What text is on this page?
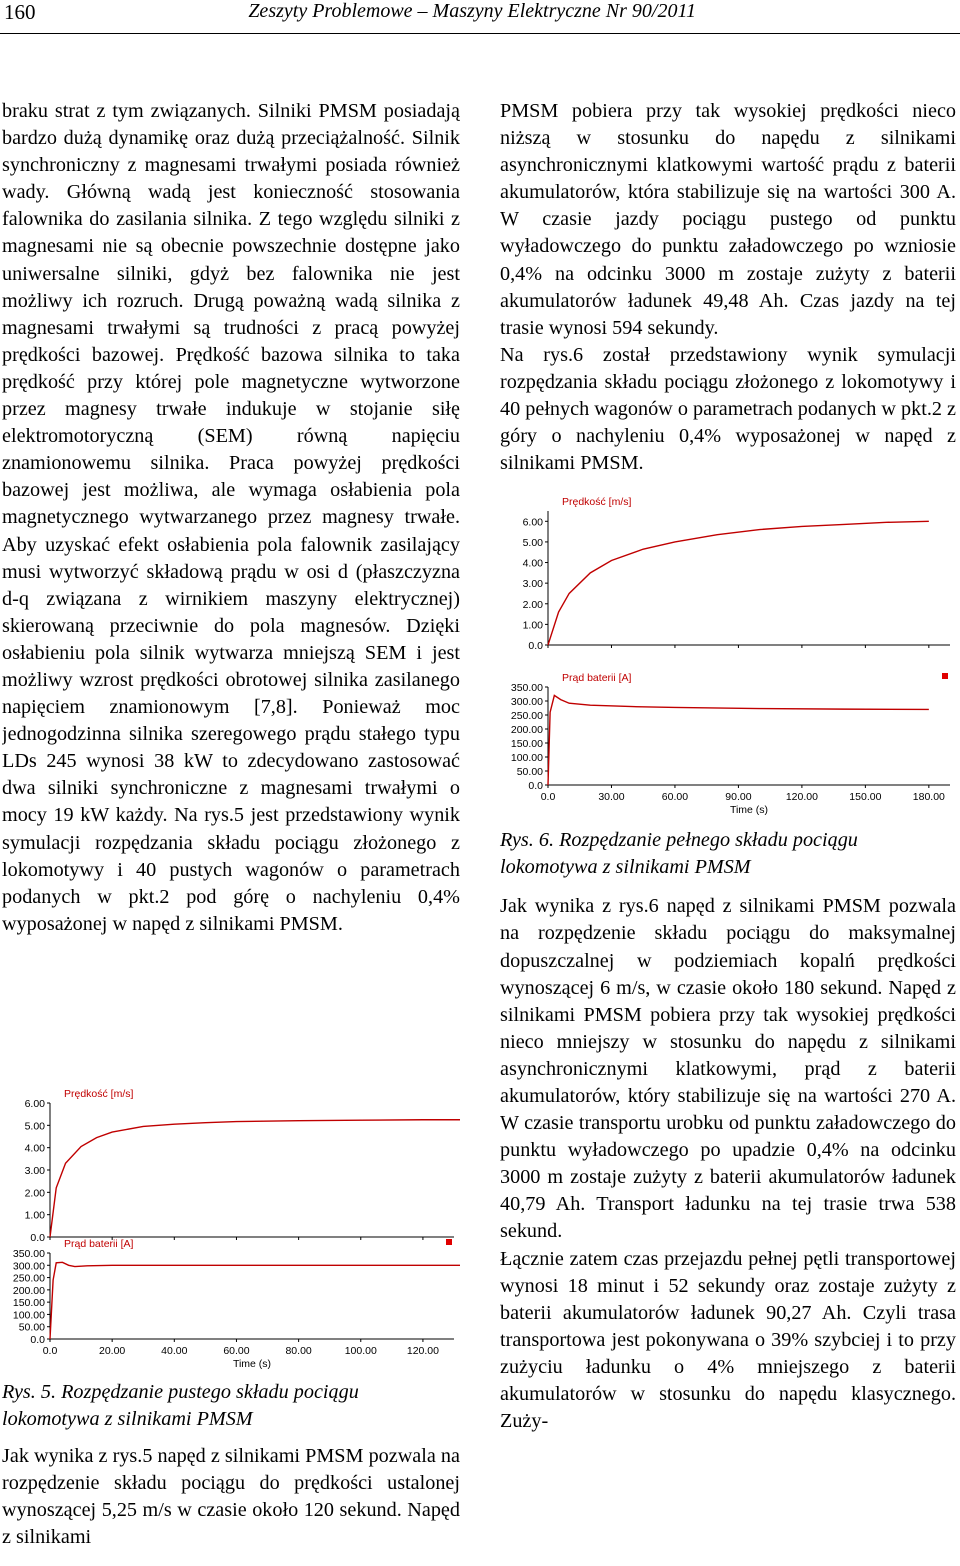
160	Zeszyty Problemowe – Maszyny Elektryczne Nr 90/2011

braku strat z tym związanych. Silniki PMSM posiadają bardzo dużą dynamikę oraz dużą przeciążalność. Silnik synchroniczny z magnesami trwałymi posiada również wady. Główną wadą jest konieczność stosowania falownika do zasilania silnika. Z tego względu silniki z magnesami nie są obecnie powszechnie dostępne jako uniwersalne silniki, gdyż bez falownika nie jest możliwy ich rozruch. Drugą poważną wadą silnika z magnesami trwałymi są trudności z pracą powyżej prędkości bazowej. Prędkość bazowa silnika to taka prędkość przy której pole magnetyczne wytworzone przez magnesy trwałe indukuje w stojanie siłę elektromotoryczną (SEM) równą napięciu znamionowemu silnika. Praca powyżej prędkości bazowej jest możliwa, ale wymaga osłabienia pola magnetycznego wytwarzanego przez magnesy trwałe. Aby uzyskać efekt osłabienia pola falownik zasilający musi wytworzyć składową prądu w osi d (płaszczyzna d-q związana z wirnikiem maszyny elektrycznej) skierowaną przeciwnie do pola magnesów. Dzięki osłabieniu pola silnik wytwarza mniejszą SEM i jest możliwy wzrost prędkości obrotowej silnika zasilanego napięciem znamionowym [7,8]. Ponieważ moc jednogodzinna silnika szeregowego prądu stałego typu LDs 245 wynosi 38 kW to zdecydowano zastosować dwa silniki synchroniczne z magnesami trwałymi o mocy 19 kW każdy. Na rys.5 jest przedstawiony wynik symulacji rozpędzania składu pociągu złożonego z lokomotywy i 40 pustych wagonów o parametrach podanych w pkt.2 pod górę o nachyleniu 0,4% wyposażonej w napęd z silnikami PMSM.

Prędkość [m/s]
6.00
5.00
4.00
3.00
2.00
1.00
0.0 Prąd baterii [A]
350.00
300.00
250.00
200.00
150.00
100.00
50.00
0.0
0.0	20.00	40.00	60.00	80.00	100.00	120.00
Time (s)

Rys. 5. Rozpędzanie pustego składu pociągu lokomotywa z silnikami PMSM

Jak wynika z rys.5 napęd z silnikami PMSM pozwala na rozpędzenie składu pociągu do prędkości ustalonej wynoszącej 5,25 m/s w czasie około 120 sekund. Napęd z silnikami

PMSM pobiera przy tak wysokiej prędkości nieco niższą w stosunku do napędu z silnikami asynchronicznymi klatkowymi wartość prądu z baterii akumulatorów, która stabilizuje się na wartości 300 A. W czasie jazdy pociągu pustego od punktu wyładowczego do punktu załadowczego po wzniosie 0,4% na odcinku 3000 m zostaje zużyty z baterii akumulatorów ładunek 49,48 Ah. Czas jazdy na tej trasie wynosi 594 sekundy.

Na rys.6 został przedstawiony wynik symulacji rozpędzania składu pociągu złożonego z lokomotywy i 40 pełnych wagonów o parametrach podanych w pkt.2 z góry o nachyleniu 0,4% wyposażonej w napęd z silnikami PMSM.

Prędkość [m/s]
6.00
5.00
4.00
3.00
2.00
1.00
0.0
Prąd baterii [A]
350.00
300.00
250.00
200.00
150.00
100.00
50.00
0.0
0.0	30.00	60.00	90.00	120.00	150.00	180.00
Time (s)

Rys. 6. Rozpędzanie pełnego składu pociągu lokomotywa z silnikami PMSM

Jak wynika z rys.6 napęd z silnikami PMSM pozwala na rozpędzenie składu pociągu do maksymalnej dopuszczalnej w podziemiach kopalń prędkości wynoszącej 6 m/s, w czasie około 180 sekund. Napęd z silnikami PMSM pobiera przy tak wysokiej prędkości nieco mniejszy w stosunku do napędu z silnikami asynchronicznymi klatkowymi, prąd z baterii akumulatorów, który stabilizuje się na wartości 270 A. W czasie transportu urobku od punktu załadowczego do punktu wyładowczego po upadzie 0,4% na odcinku 3000 m zostaje zużyty z baterii akumulatorów ładunek 40,79 Ah. Transport ładunku na tej trasie trwa 538 sekund.

Łącznie zatem czas przejazdu pełnej pętli transportowej wynosi 18 minut i 52 sekundy oraz zostaje zużyty z baterii akumulatorów ładunek 90,27 Ah. Czyli trasa transportowa jest pokonywana o 39% szybciej i to przy zużyciu ładunku o 4% mniejszego z baterii akumulatorów w stosunku do napędu klasycznego. Zuży-
